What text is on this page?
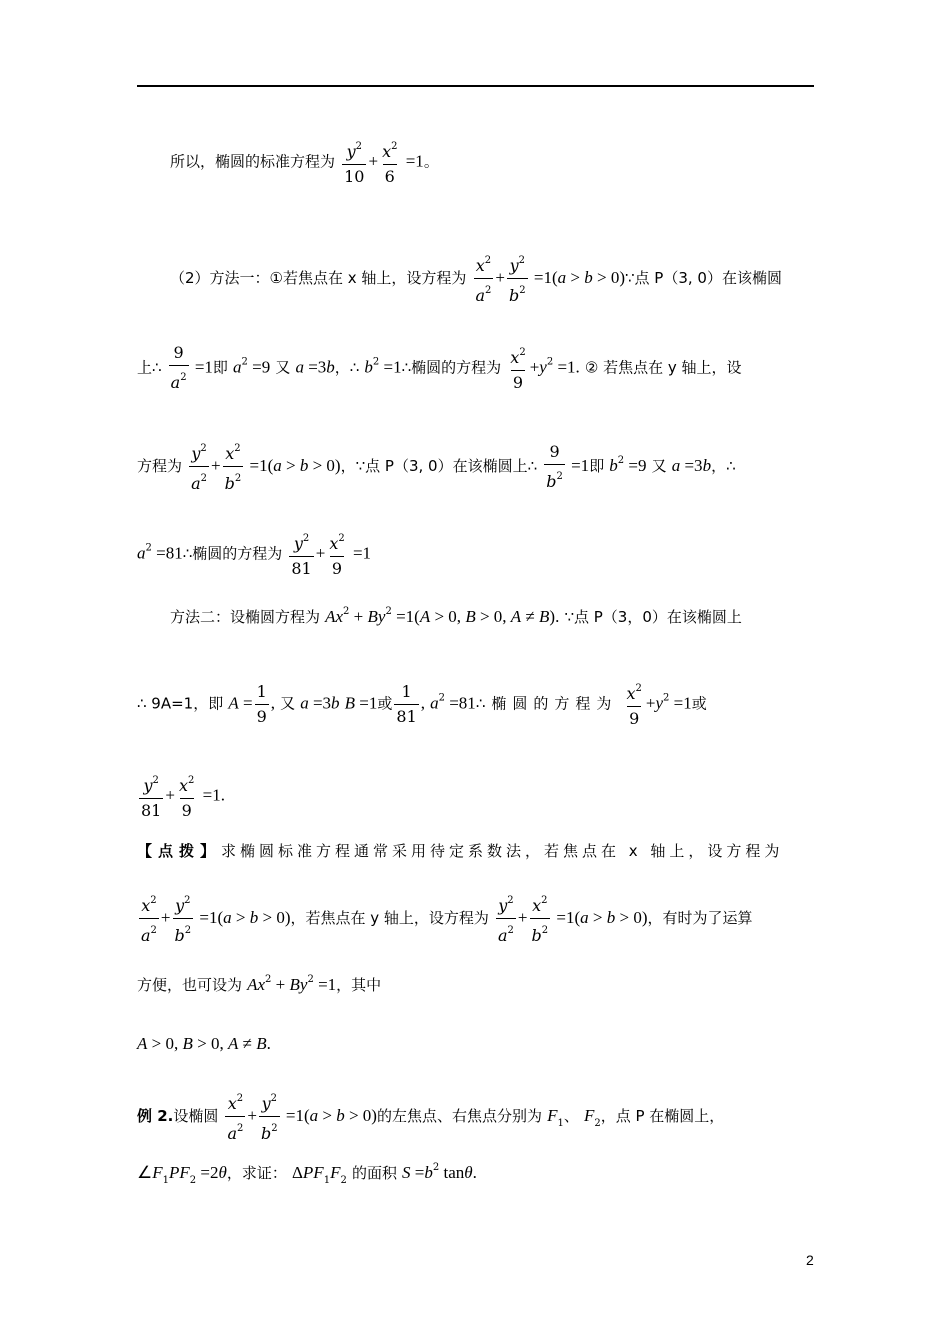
所以，椭圆的标准方程为 $\frac{y^2}{10} + \frac{x^2}{6} =1$。
（2）方法一：①若焦点在 x 轴上，设方程为 $\frac{x^2}{a^2} + \frac{y^2}{b^2} =1(a > b$ > 0)∵点 P（3, 0）在该椭圆
上∴ $\frac{9}{a^2} =1$即 $a^2 =9$ 又 a =3b，∴ $b^2$ =1∴椭圆的方程为 $\frac{x^2}{9} +y^2 =1$. ② 若焦点在 y 轴上，设
方程为 $\frac{y^2}{a^2} + \frac{x^2}{b^2} =1(a > b > 0)$，∵点 P（3, 0）在该椭圆上∴ $\frac{9}{b^2} =1$即 $b^2 =9$ 又 a =3b，∴
$a^2$ =81∴椭圆的方程为 $\frac{y^2}{81} + \frac{x^2}{9} =1$
方法二：设椭圆方程为 $Ax^2 + By^2 =1(A > 0$, B > 0, A ≠ B). ∵点 P（3，0）在该椭圆上
∴ 9A=1，即 $A = \frac{1}{9}$ , 又 a =3b B =1或 $\frac{1}{81}$ , $a^2$ =81∴椭圆的方程为 $\frac{x^2}{9} +y^2 =1$或
$\frac{y^2}{81} + \frac{x^2}{9} =1$.
【点拨】求椭圆标准方程通常采用待定系数法，若焦点在 x 轴上，设方程为
$\frac{x^2}{a^2} + \frac{y^2}{b^2} =1(a > b > 0)$，若焦点在 y 轴上，设方程为 $\frac{y^2}{a^2} + \frac{x^2}{b^2} =1(a > b > 0)$，有时为了运算
方便，也可设为 $Ax^2 + By^2 =1$，其中
A > 0, B > 0, A ≠ B.
例 2.设椭圆 $\frac{x^2}{a^2} + \frac{y^2}{b^2} =1(a > b > 0)$的左焦点、右焦点分别为 $F_1$、 $F_2$，点 P 在椭圆上，
$\angle F_1PF_2 =2\theta$，求证： $\Delta PF_1F_2$ 的面积 $S =b^2$ tanθ.
2
